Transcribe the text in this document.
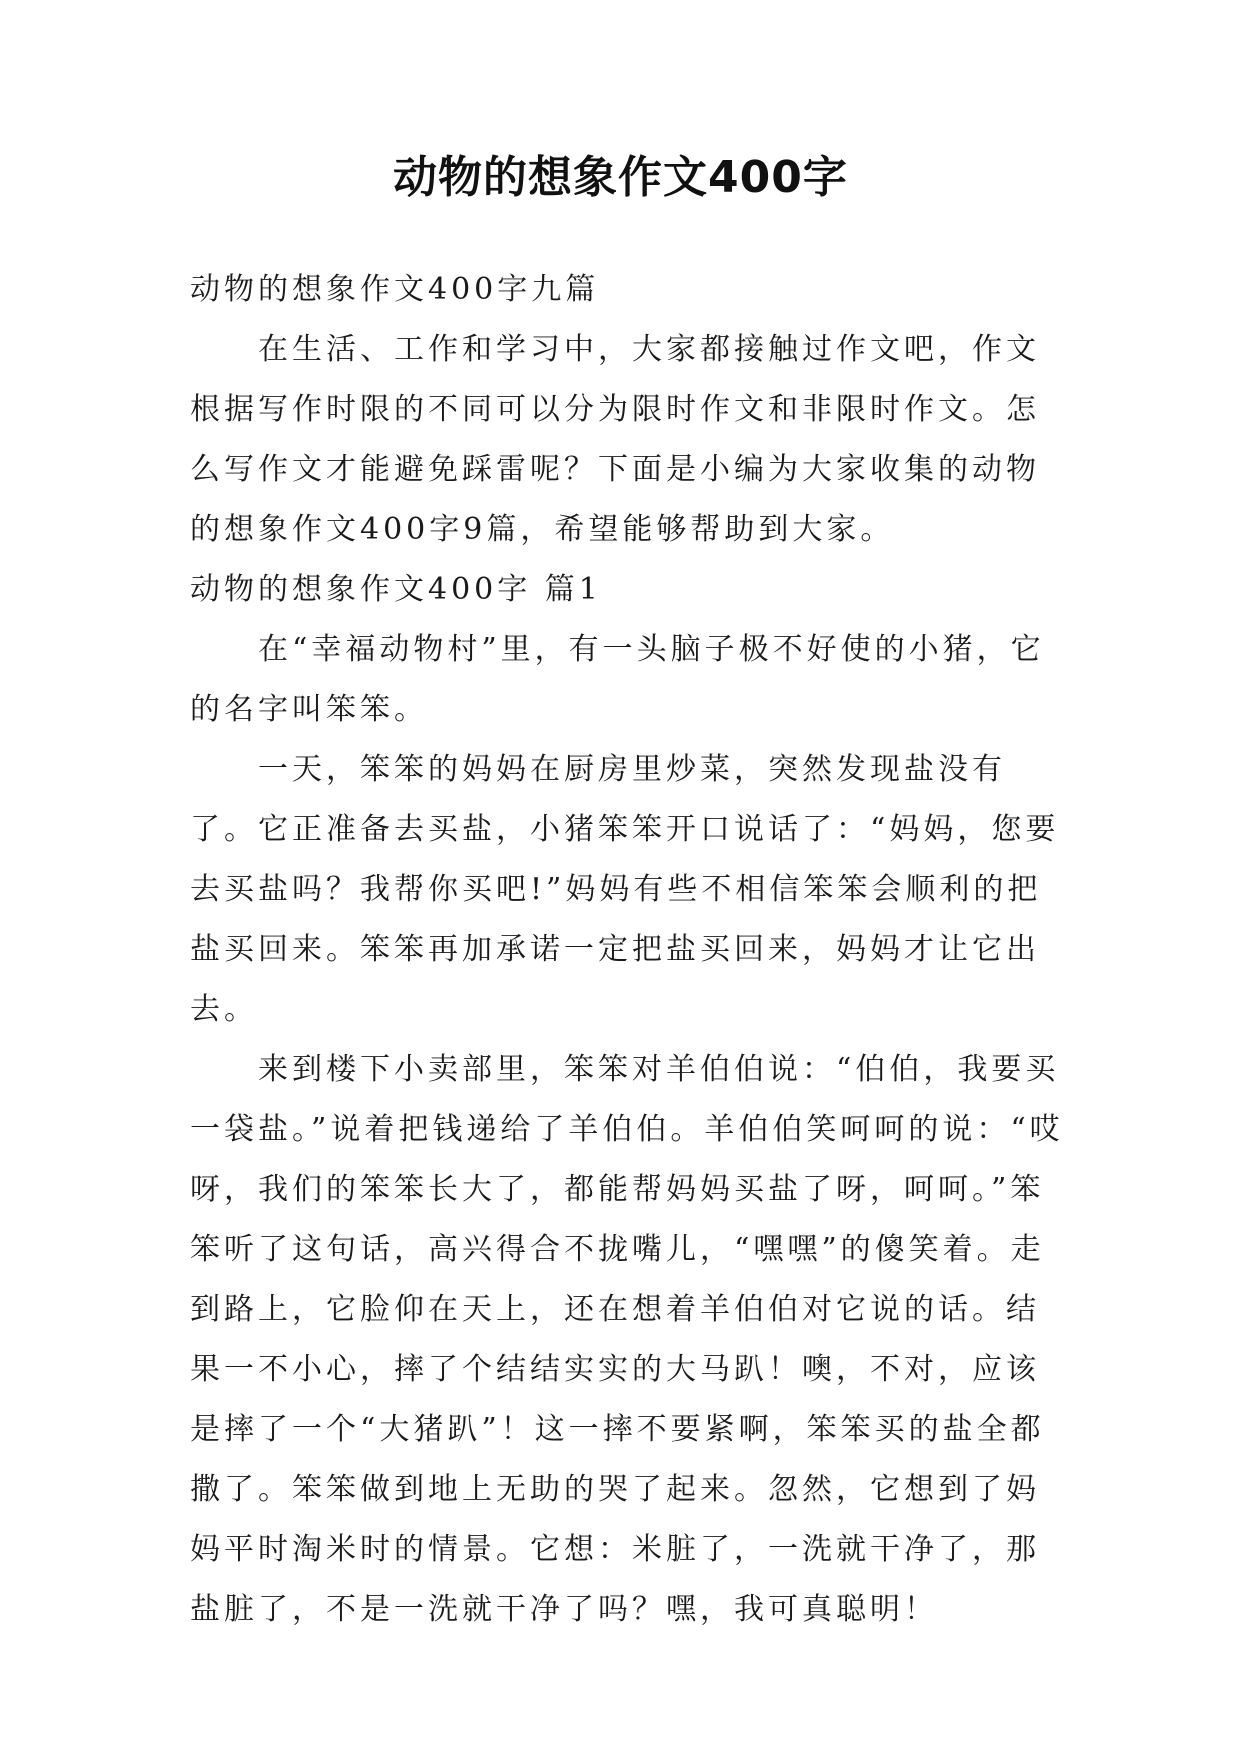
动物的想象作文400字

动物的想象作文400字九篇

在生活、工作和学习中，大家都接触过作文吧，作文根据写作时限的不同可以分为限时作文和非限时作文。怎么写作文才能避免踩雷呢？下面是小编为大家收集的动物的想象作文400字9篇，希望能够帮助到大家。

动物的想象作文400字 篇1

在“幸福动物村”里，有一头脑子极不好使的小猪，它的名字叫笨笨。

一天，笨笨的妈妈在厨房里炒菜，突然发现盐没有了。它正准备去买盐，小猪笨笨开口说话了：“妈妈，您要去买盐吗？我帮你买吧!”妈妈有些不相信笨笨会顺利的把盐买回来。笨笨再加承诺一定把盐买回来，妈妈才让它出去。

来到楼下小卖部里，笨笨对羊伯伯说：“伯伯，我要买一袋盐。”说着把钱递给了羊伯伯。羊伯伯笑呵呵的说：“哎呀，我们的笨笨长大了，都能帮妈妈买盐了呀，呵呵。”笨笨听了这句话，高兴得合不拢嘴儿，“嘿嘿”的傻笑着。走到路上，它脸仰在天上，还在想着羊伯伯对它说的话。结果一不小心，摔了个结结实实的大马趴！噢，不对，应该是摔了一个“大猪趴”！这一摔不要紧啊，笨笨买的盐全都撒了。笨笨做到地上无助的哭了起来。忽然，它想到了妈妈平时淘米时的情景。它想：米脏了，一洗就干净了，那盐脏了，不是一洗就干净了吗？嘿，我可真聪明！
